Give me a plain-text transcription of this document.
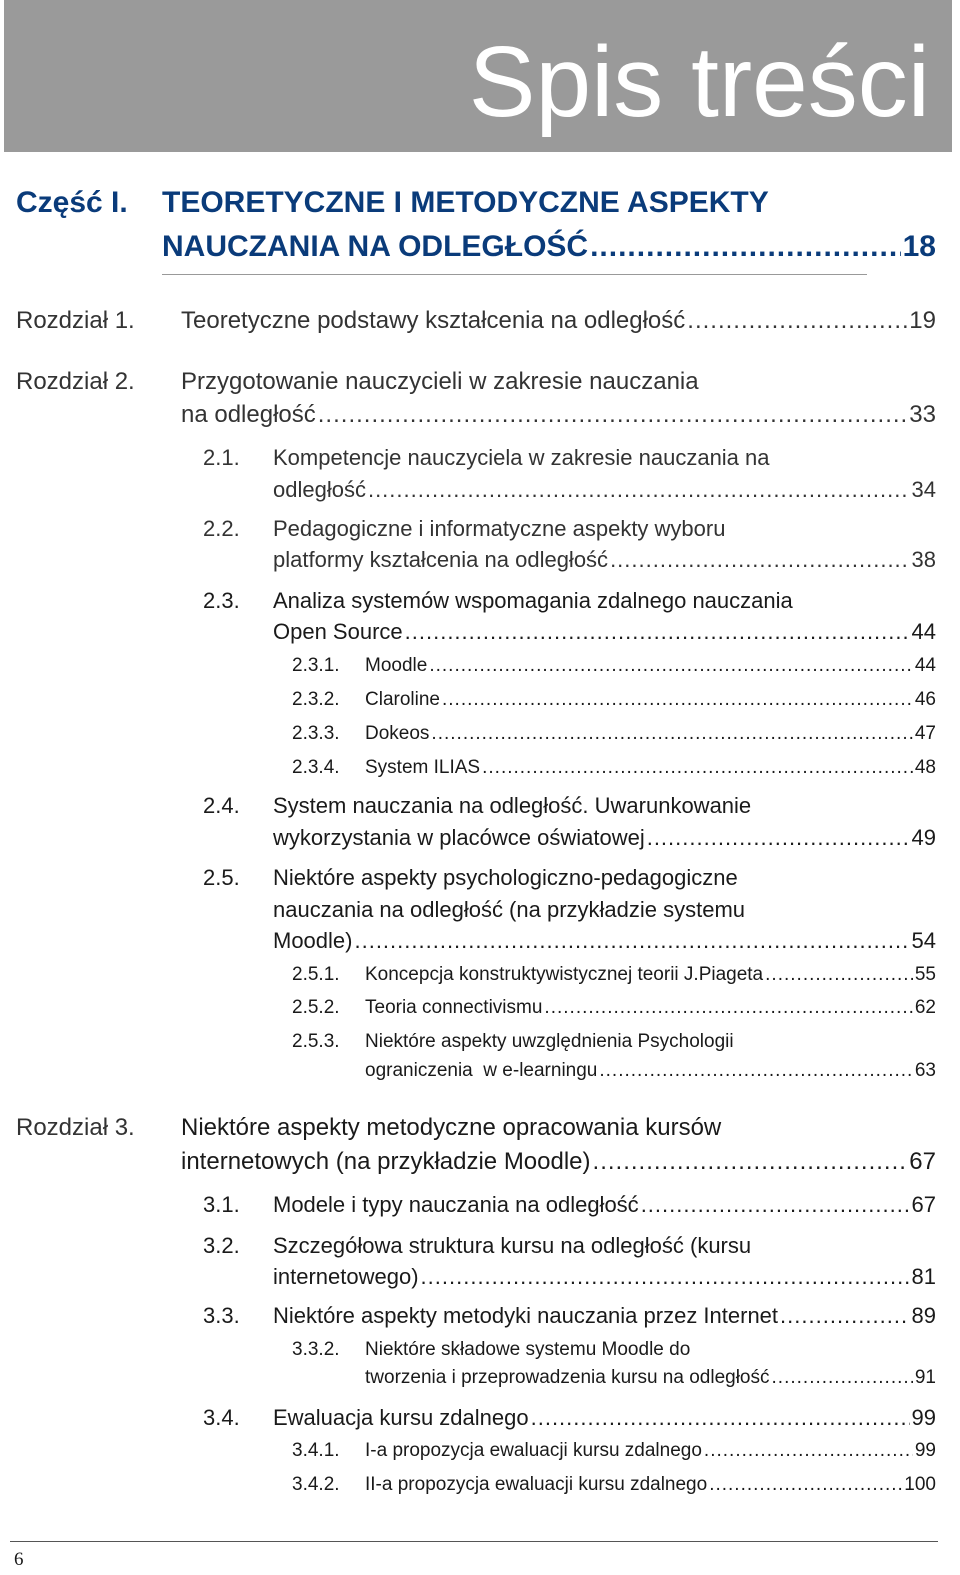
Spis treści
Część I. TEORETYCZNE I METODYCZNE ASPEKTY
NAUCZANIA NA ODLEGŁOŚĆ .....	18
Rozdział 1. Teoretyczne podstawy kształcenia na odległość .....	19
Rozdział 2. Przygotowanie nauczycieli w zakresie nauczania
na odległość .....	33
2.1. Kompetencje nauczyciela w zakresie nauczania na
odległość .....	34
2.2. Pedagogiczne i informatyczne aspekty wyboru
platformy kształcenia na odległość .....	38
2.3. Analiza systemów wspomagania zdalnego nauczania
Open Source .....	44
2.3.1. Moodle .....	44
2.3.2. Claroline .....	46
2.3.3. Dokeos .....	47
2.3.4. System ILIAS .....	48
2.4. System nauczania na odległość. Uwarunkowanie
wykorzystania w placówce oświatowej .....	49
2.5. Niektóre aspekty psychologiczno-pedagogiczne
nauczania na odległość (na przykładzie systemu
Moodle) .....	54
2.5.1. Koncepcja konstruktywistycznej teorii J.Piageta .....	55
2.5.2. Teoria connectivismu .....	62
2.5.3. Niektóre aspekty uwzględnienia Psychologii
ograniczenia  w e-learningu .....	63
Rozdział 3. Niektóre aspekty metodyczne opracowania kursów
internetowych (na przykładzie Moodle) .....	67
3.1. Modele i typy nauczania na odległość .....	67
3.2. Szczegółowa struktura kursu na odległość (kursu
internetowego) .....	81
3.3. Niektóre aspekty metodyki nauczania przez Internet .....	89
3.3.2. Niektóre składowe systemu Moodle do
tworzenia i przeprowadzenia kursu na odległość .....	91
3.4. Ewaluacja kursu zdalnego .....	99
3.4.1. I-a propozycja ewaluacji kursu zdalnego .....	99
3.4.2. II-a propozycja ewaluacji kursu zdalnego .....	100
6
